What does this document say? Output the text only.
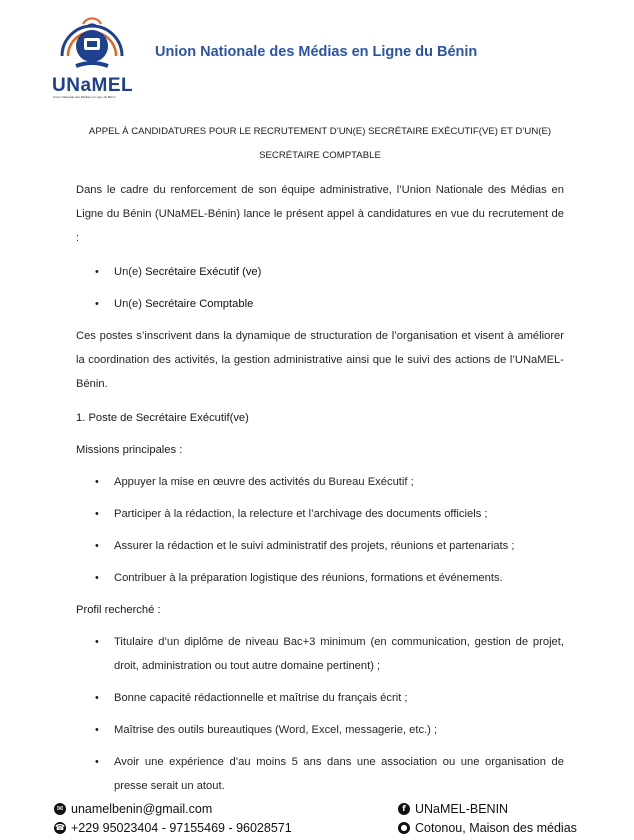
UNaMEL
Union Nationale des Médias en Ligne du Bénin
Union Nationale des Médias en Ligne du Bénin
APPEL À CANDIDATURES POUR LE RECRUTEMENT D’UN(E) SECRÉTAIRE EXÉCUTIF(VE) ET D’UN(E)
SECRÉTAIRE COMPTABLE

Dans le cadre du renforcement de son équipe administrative, l’Union Nationale des Médias en Ligne du Bénin (UNaMEL-Bénin) lance le présent appel à candidatures en vue du recrutement de :

• Un(e) Secrétaire Exécutif (ve)
• Un(e) Secrétaire Comptable

Ces postes s’inscrivent dans la dynamique de structuration de l’organisation et visent à améliorer la coordination des activités, la gestion administrative ainsi que le suivi des actions de l’UNaMEL-Bénin.

1. Poste de Secrétaire Exécutif(ve)
Missions principales :
• Appuyer la mise en œuvre des activités du Bureau Exécutif ;
• Participer à la rédaction, la relecture et l’archivage des documents officiels ;
• Assurer la rédaction et le suivi administratif des projets, réunions et partenariats ;
• Contribuer à la préparation logistique des réunions, formations et événements.
Profil recherché :
• Titulaire d’un diplôme de niveau Bac+3 minimum (en communication, gestion de projet, droit, administration ou tout autre domaine pertinent) ;
• Bonne capacité rédactionnelle et maîtrise du français écrit ;
• Maîtrise des outils bureautiques (Word, Excel, messagerie, etc.) ;
• Avoir une expérience d’au moins 5 ans dans une association ou une organisation de presse serait un atout.
✉ unamelbenin@gmail.com
☎ +229 95023404 - 97155469 - 96028571
f UNaMEL-BENIN
● Cotonou, Maison des médias
